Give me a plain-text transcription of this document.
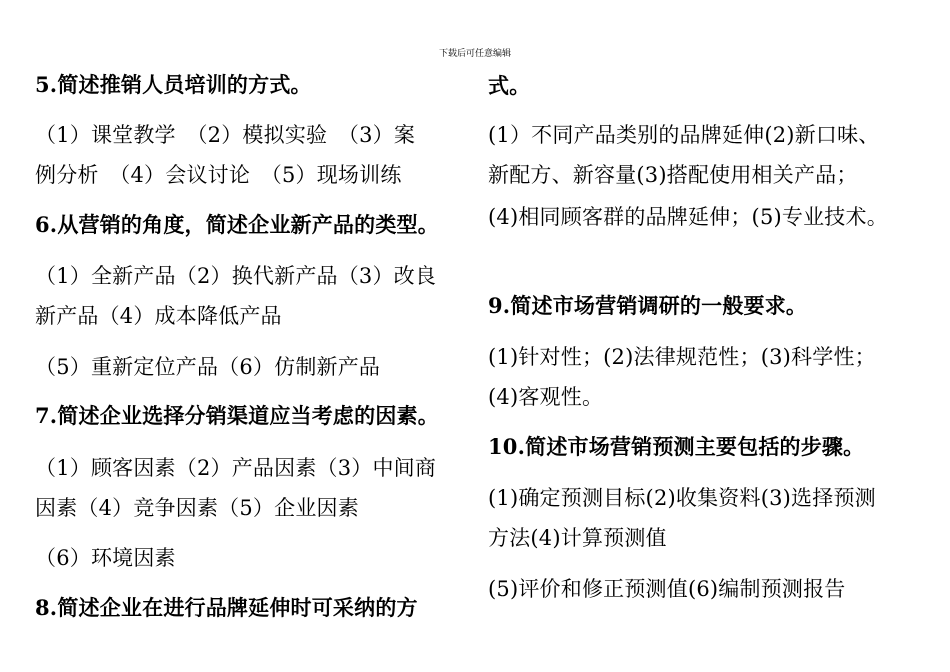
下载后可任意编辑
5.简述推销人员培训的方式。
（1）课堂教学　（2）模拟实验　（3）案
例分析　（4）会议讨论　（5）现场训练
6.从营销的角度，简述企业新产品的类型。
（1）全新产品（2）换代新产品（3）改良
新产品（4）成本降低产品
（5）重新定位产品（6）仿制新产品
7.简述企业选择分销渠道应当考虑的因素。
（1）顾客因素（2）产品因素（3）中间商
因素（4）竞争因素（5）企业因素
（6）环境因素
8.简述企业在进行品牌延伸时可采纳的方
式。
(1）不同产品类别的品牌延伸(2)新口味、
新配方、新容量(3)搭配使用相关产品；
(4)相同顾客群的品牌延伸；(5)专业技术。
9.简述市场营销调研的一般要求。
(1)针对性；(2)法律规范性；(3)科学性；
(4)客观性。
10.简述市场营销预测主要包括的步骤。
(1)确定预测目标(2)收集资料(3)选择预测
方法(4)计算预测值
(5)评价和修正预测值(6)编制预测报告
